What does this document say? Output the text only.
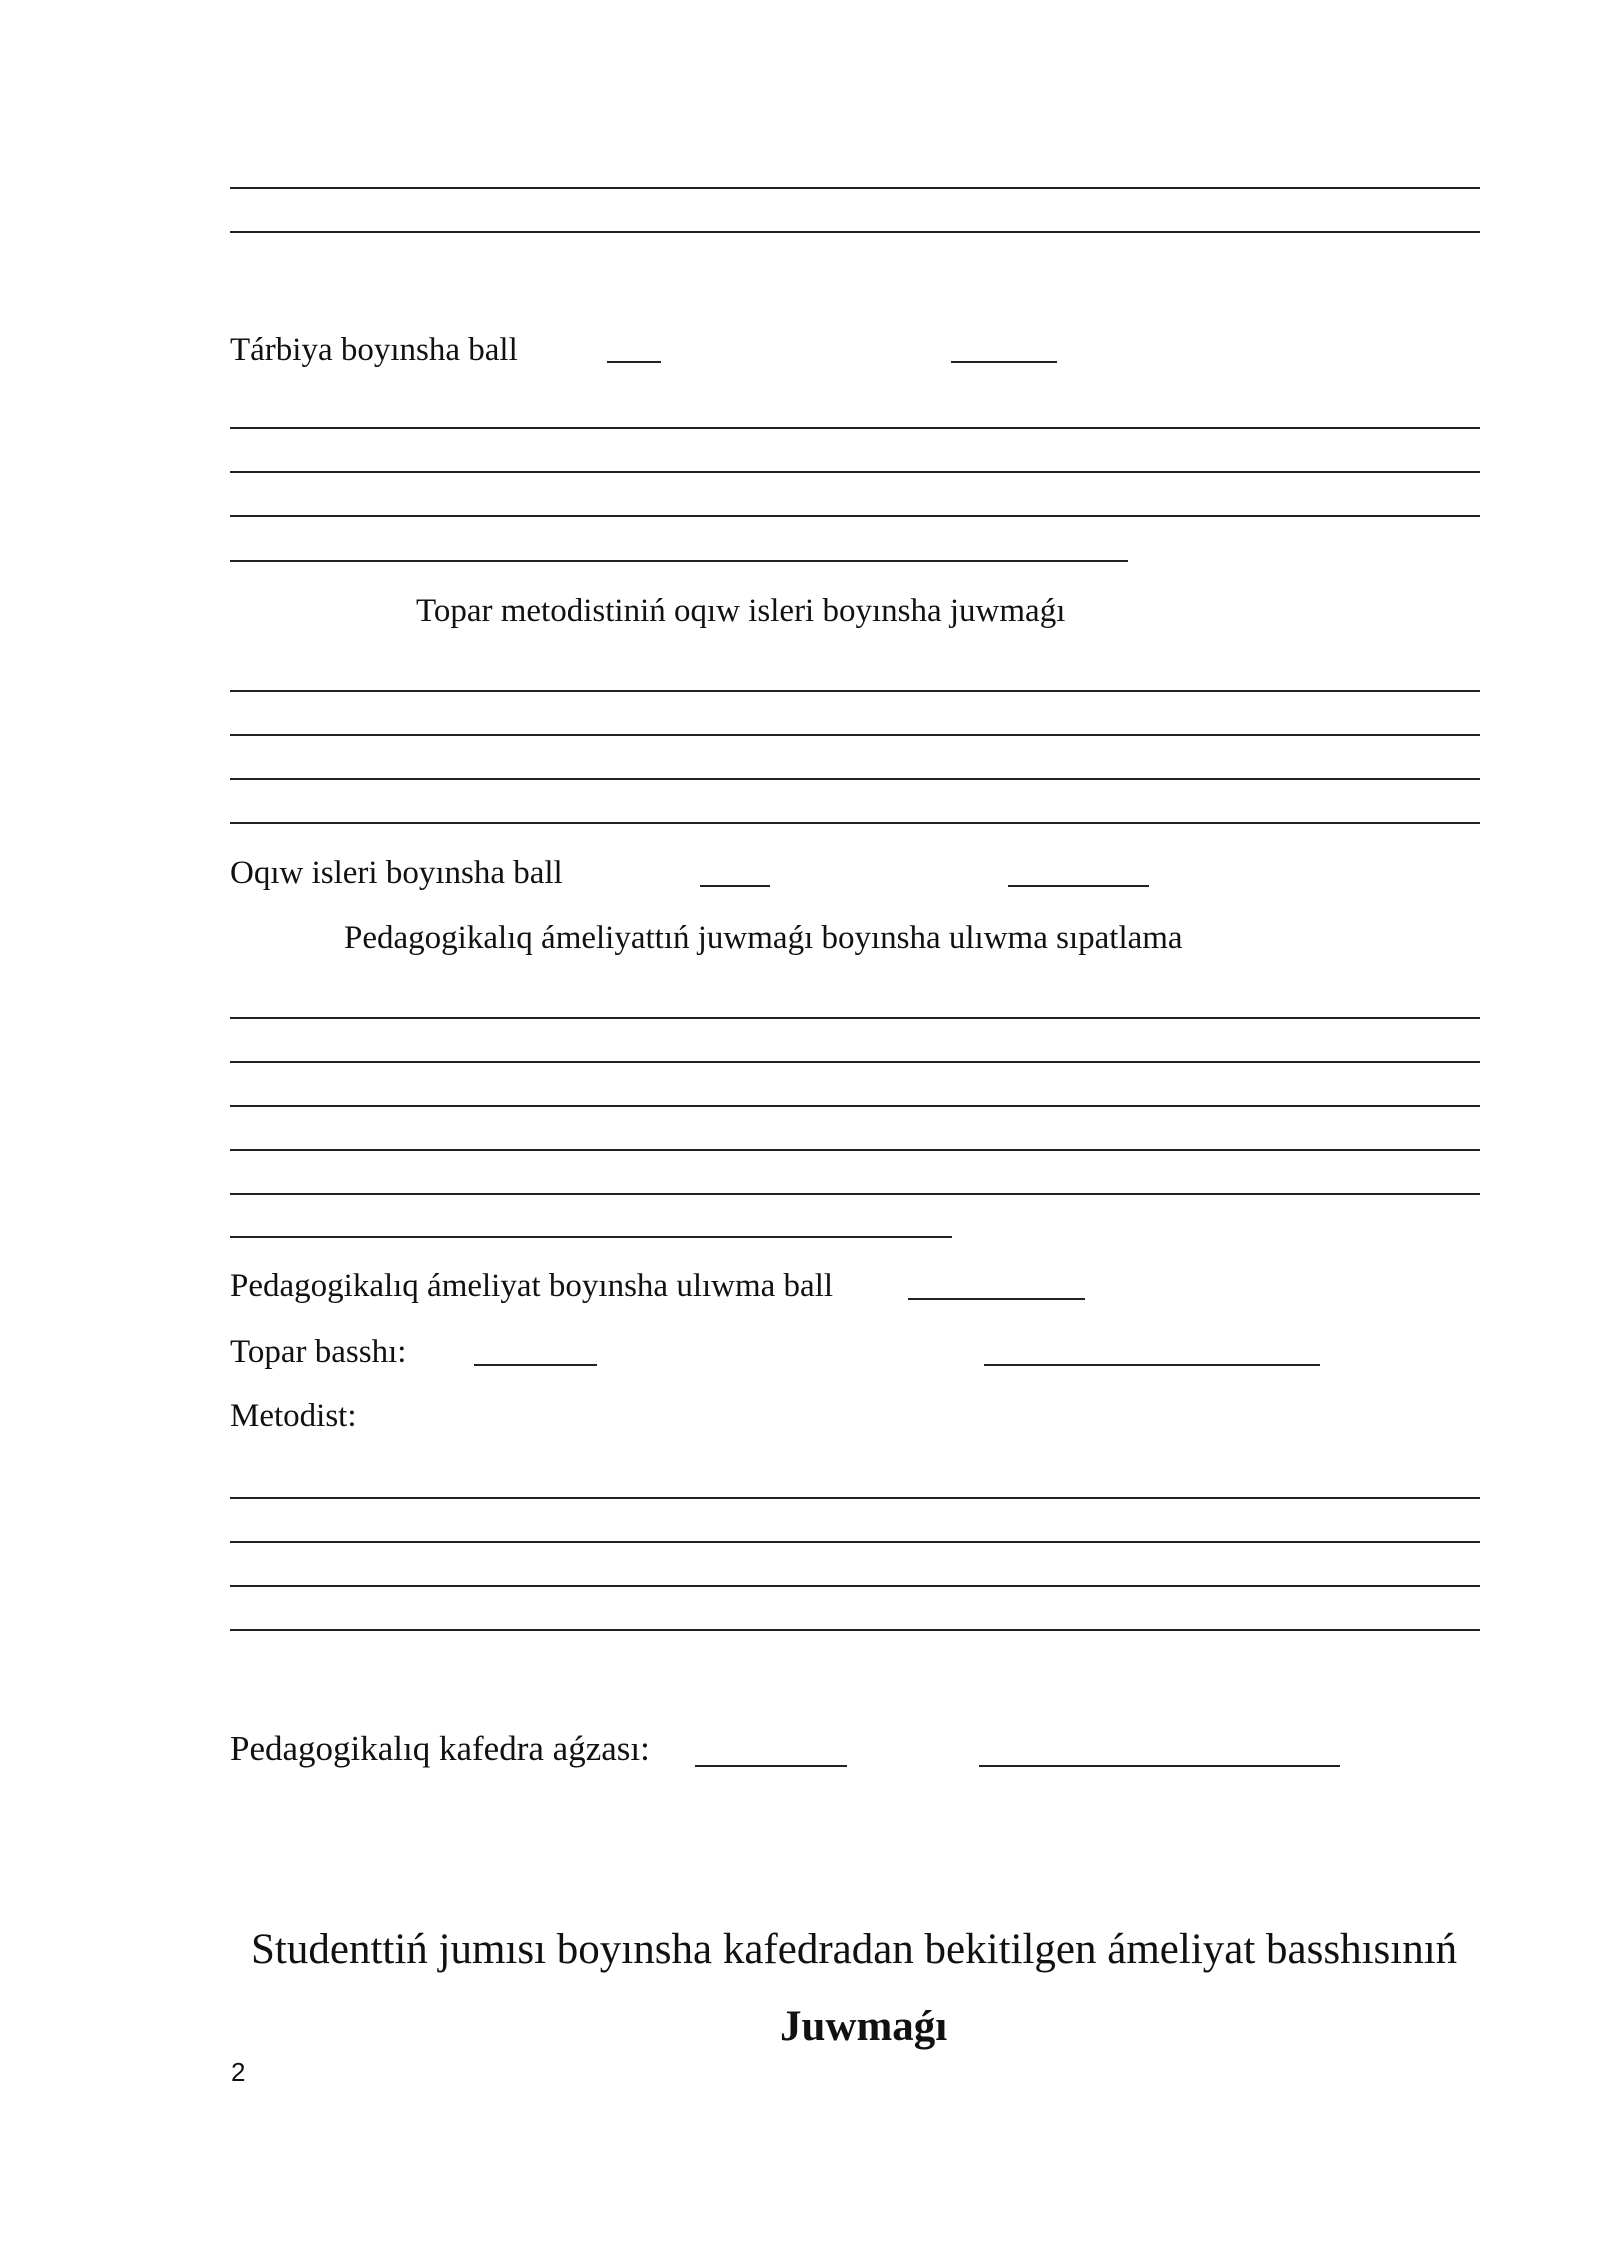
Tárbiya boyınsha ball
Topar metodistiniń oqıw isleri boyınsha juwmaǵı
Oqıw isleri boyınsha ball
Pedagogikalıq ámeliyattıń juwmaǵı boyınsha ulıwma sıpatlama
Pedagogikalıq ámeliyat boyınsha ulıwma ball
Topar basshı:
Metodist:
Pedagogikalıq kafedra aǵzası:
Studenttiń jumısı boyınsha kafedradan bekitilgen ámeliyat basshısınıń
Juwmaǵı
2
